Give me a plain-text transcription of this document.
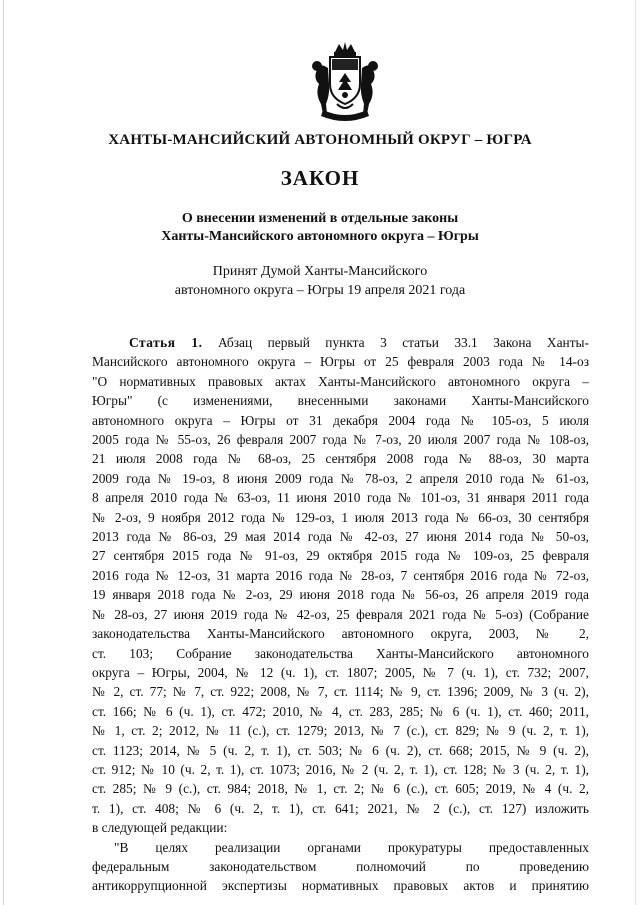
ХАНТЫ-МАНСИЙСКИЙ АВТОНОМНЫЙ ОКРУГ – ЮГРА
ЗАКОН
О внесении изменений в отдельные законы
Ханты-Мансийского автономного округа – Югры
Принят Думой Ханты-Мансийского
автономного округа – Югры 19 апреля 2021 года
Статья 1. Абзац первый пункта 3 статьи 33.1 Закона Ханты-
Мансийского автономного округа – Югры от 25 февраля 2003 года № 14-оз
"О нормативных правовых актах Ханты-Мансийского автономного округа –
Югры" (с изменениями, внесенными законами Ханты-Мансийского
автономного округа – Югры от 31 декабря 2004 года № 105-оз, 5 июля
2005 года № 55-оз, 26 февраля 2007 года № 7-оз, 20 июля 2007 года № 108-оз,
21 июля 2008 года № 68-оз, 25 сентября 2008 года № 88-оз, 30 марта
2009 года № 19-оз, 8 июня 2009 года № 78-оз, 2 апреля 2010 года № 61-оз,
8 апреля 2010 года № 63-оз, 11 июня 2010 года № 101-оз, 31 января 2011 года
№ 2-оз, 9 ноября 2012 года № 129-оз, 1 июля 2013 года № 66-оз, 30 сентября
2013 года № 86-оз, 29 мая 2014 года № 42-оз, 27 июня 2014 года № 50-оз,
27 сентября 2015 года № 91-оз, 29 октября 2015 года № 109-оз, 25 февраля
2016 года № 12-оз, 31 марта 2016 года № 28-оз, 7 сентября 2016 года № 72-оз,
19 января 2018 года № 2-оз, 29 июня 2018 года № 56-оз, 26 апреля 2019 года
№ 28-оз, 27 июня 2019 года № 42-оз, 25 февраля 2021 года № 5-оз) (Собрание
законодательства Ханты-Мансийского автономного округа, 2003, № 2,
ст. 103; Собрание законодательства Ханты-Мансийского автономного
округа – Югры, 2004, № 12 (ч. 1), ст. 1807; 2005, № 7 (ч. 1), ст. 732; 2007,
№ 2, ст. 77; № 7, ст. 922; 2008, № 7, ст. 1114; № 9, ст. 1396; 2009, № 3 (ч. 2),
ст. 166; № 6 (ч. 1), ст. 472; 2010, № 4, ст. 283, 285; № 6 (ч. 1), ст. 460; 2011,
№ 1, ст. 2; 2012, № 11 (с.), ст. 1279; 2013, № 7 (с.), ст. 829; № 9 (ч. 2, т. 1),
ст. 1123; 2014, № 5 (ч. 2, т. 1), ст. 503; № 6 (ч. 2), ст. 668; 2015, № 9 (ч. 2),
ст. 912; № 10 (ч. 2, т. 1), ст. 1073; 2016, № 2 (ч. 2, т. 1), ст. 128; № 3 (ч. 2, т. 1),
ст. 285; № 9 (с.), ст. 984; 2018, № 1, ст. 2; № 6 (с.), ст. 605; 2019, № 4 (ч. 2,
т. 1), ст. 408; № 6 (ч. 2, т. 1), ст. 641; 2021, № 2 (с.), ст. 127) изложить
в следующей редакции:
"В целях реализации органами прокуратуры предоставленных
федеральным законодательством полномочий по проведению
антикоррупционной экспертизы нормативных правовых актов и принятию
